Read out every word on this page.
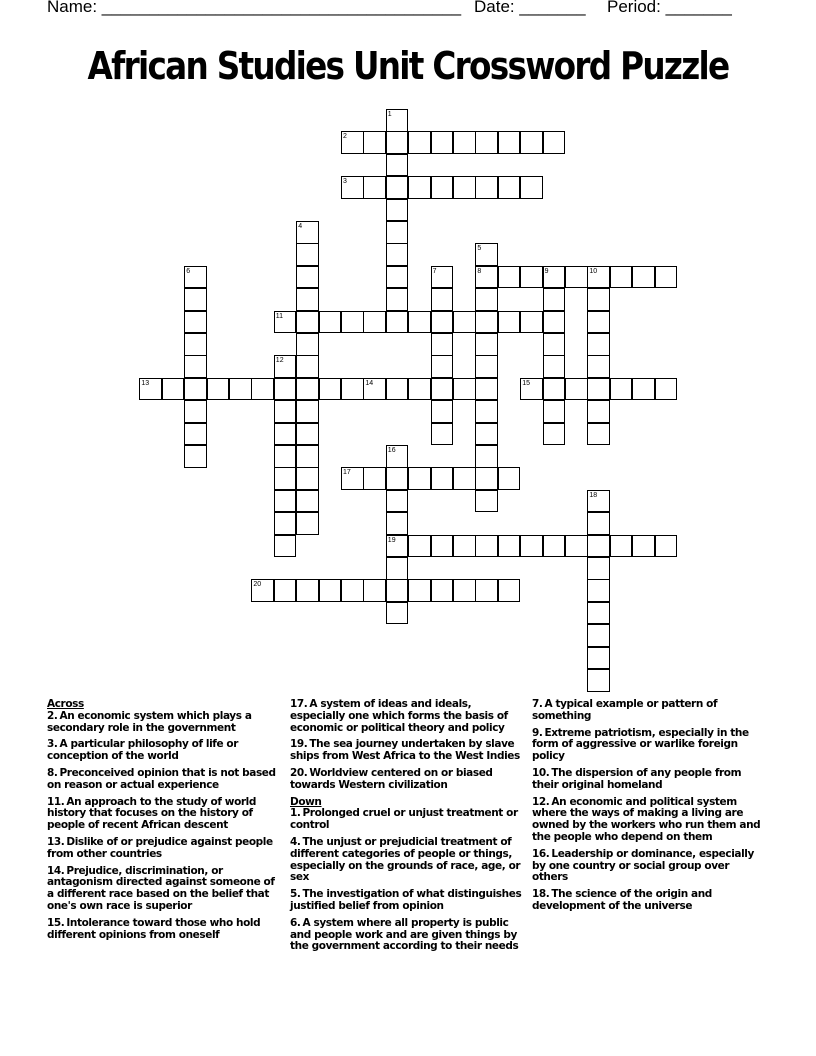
Name: ______________________________________ Date: _______ Period: _______
African Studies Unit Crossword Puzzle
1
2
3
4
5
8
6	7	9	10
11
12
13	14	15
16
19
17
18
20
Across
2. An economic system which plays a secondary role in the government
3. A particular philosophy of life or conception of the world
8. Preconceived opinion that is not based on reason or actual experience
11. An approach to the study of world history that focuses on the history of people of recent African descent
13. Dislike of or prejudice against people from other countries
14. Prejudice, discrimination, or antagonism directed against someone of a different race based on the belief that one's own race is superior
15. Intolerance toward those who hold different opinions from oneself
17. A system of ideas and ideals, especially one which forms the basis of economic or political theory and policy
19. The sea journey undertaken by slave ships from West Africa to the West Indies
20. Worldview centered on or biased towards Western civilization
Down
1. Prolonged cruel or unjust treatment or control
4. The unjust or prejudicial treatment of different categories of people or things, especially on the grounds of race, age, or sex
5. The investigation of what distinguishes justified belief from opinion
6. A system where all property is public and people work and are given things by the government according to their needs
7. A typical example or pattern of something
9. Extreme patriotism, especially in the form of aggressive or warlike foreign policy
10. The dispersion of any people from their original homeland
12. An economic and political system where the ways of making a living are owned by the workers who run them and the people who depend on them
16. Leadership or dominance, especially by one country or social group over others
18. The science of the origin and development of the universe
